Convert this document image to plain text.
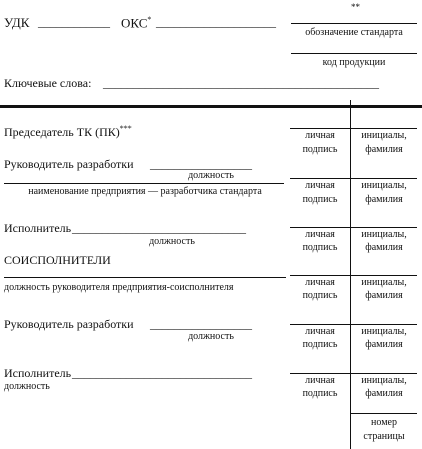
УДК ____________ ОКС* ____________________
**
обозначение стандарта
код продукции
Ключевые слова: ______________________________________________
Председатель ТК (ПК)***
личная
подпись
инициалы,
фамилия
Руководитель разработки _________________
должность
наименование предприятия — разработчика стандарта
личная
подпись
инициалы,
фамилия
Исполнитель _____________________________
должность
личная
подпись
инициалы,
фамилия
СОИСПОЛНИТЕЛИ
должность руководителя предприятия-соисполнителя	личная
подпись
инициалы,
фамилия
Руководитель разработки _________________
должность	личная
подпись
инициалы,
фамилия
Исполнитель ______________________________
должность
личная
подпись
инициалы,
фамилия
номер
страницы
